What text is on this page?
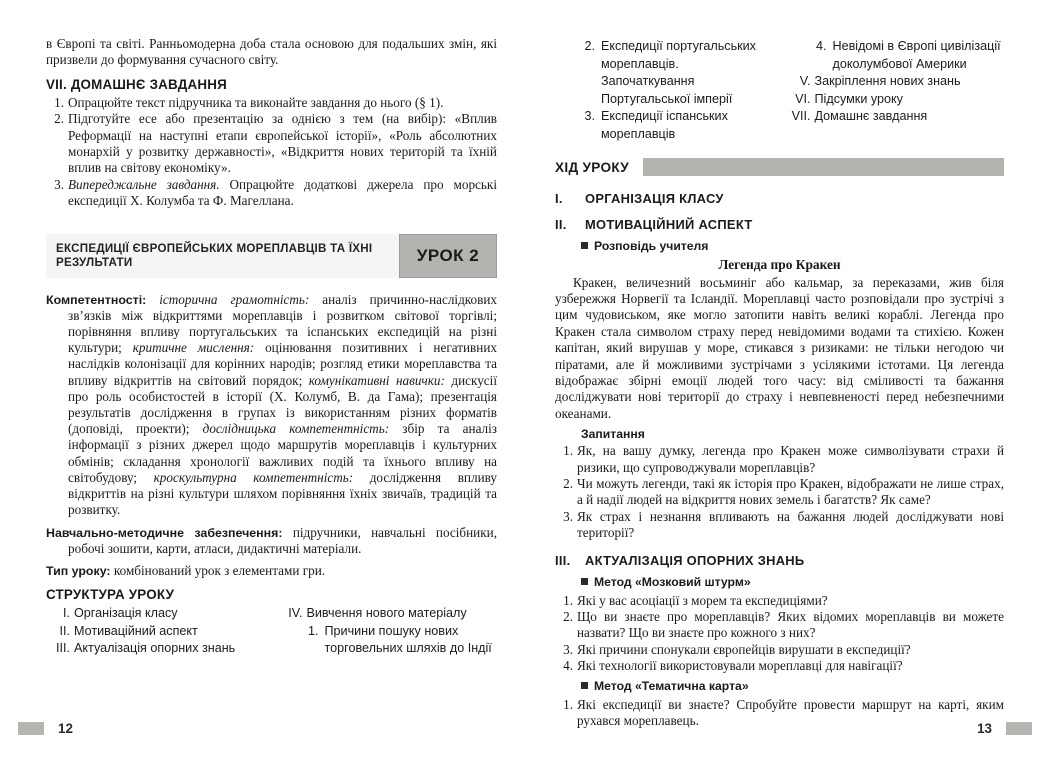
в Європі та світі. Ранньомодерна доба стала основою для подальших змін, які призвели до формування сучасного світу.

VII. ДОМАШНЄ ЗАВДАННЯ
1. Опрацюйте текст підручника та виконайте завдання до нього (§ 1).
2. Підготуйте есе або презентацію за однією з тем (на вибір): «Вплив Реформації на наступні етапи європейської історії», «Роль абсолютних монархій у розвитку державності», «Відкриття нових територій та їхній вплив на світову економіку».
3. Випереджальне завдання. Опрацюйте додаткові джерела про морські експедиції Х. Колумба та Ф. Магеллана.
ЕКСПЕДИЦІЇ ЄВРОПЕЙСЬКИХ МОРЕПЛАВЦІВ ТА ЇХНІ РЕЗУЛЬТАТИ	УРОК 2

Компетентності: історична грамотність: аналіз причинно-наслідкових зв’язків між відкриттями мореплавців і розвитком світової торгівлі; порівняння впливу португальських та іспанських експедицій на різні культури; критичне мислення: оцінювання позитивних і негативних наслідків колонізації для корінних народів; розгляд етики мореплавства та впливу відкриттів на світовий порядок; комунікативні навички: дискусії про роль особистостей в історії (Х. Колумб, В. да Гама); презентація результатів дослідження в групах із використанням різних форматів (доповіді, проекти); дослідницька компетентність: збір та аналіз інформації з різних джерел щодо маршрутів мореплавців і культурних обмінів; складання хронології важливих подій та їхнього впливу на світобудову; кроскультурна компетентність: дослідження впливу відкриттів на різні культури шляхом порівняння їхніх звичаїв, традицій та розвитку.

Навчально-методичне забезпечення: підручники, навчальні посібники, робочі зошити, карти, атласи, дидактичні матеріали.

Тип уроку: комбінований урок з елементами гри.

СТРУКТУРА УРОКУ
I. Організація класу
II. Мотиваційний аспект
III. Актуалізація опорних знань
IV. Вивчення нового матеріалу
1. Причини пошуку нових торговельних шляхів до Індії
12
2. Експедиції португальських мореплавців. Започаткування Португальської імперії
3. Експедиції іспанських мореплавців
4. Невідомі в Європі цивілізації доколумбової Америки
V. Закріплення нових знань
VI. Підсумки уроку
VII. Домашнє завдання
ХІД УРОКУ
I.	ОРГАНІЗАЦІЯ КЛАСУ
II.	МОТИВАЦІЙНИЙ АСПЕКТ
Розповідь учителя
Легенда про Кракен

Кракен, величезний восьминіг або кальмар, за переказами, жив біля узбережжя Норвегії та Ісландії. Мореплавці часто розповідали про зустрічі з цим чудовиськом, яке могло затопити навіть великі кораблі. Легенда про Кракен стала символом страху перед невідомими водами та стихією. Кожен капітан, який вирушав у море, стикався з ризиками: не тільки негодою чи піратами, але й можливими зустрічами з усілякими істотами. Ця легенда відображає збірні емоції людей того часу: від сміливості та бажання досліджувати нові території до страху і невпевненості перед небезпечними океанами.

Запитання
1. Як, на вашу думку, легенда про Кракен може символізувати страхи й ризики, що супроводжували мореплавців?
2. Чи можуть легенди, такі як історія про Кракен, відображати не лише страх, а й надії людей на відкриття нових земель і багатств? Як саме?
3. Як страх і незнання впливають на бажання людей досліджувати нові території?
III.	АКТУАЛІЗАЦІЯ ОПОРНИХ ЗНАНЬ
Метод «Мозковий штурм»
1. Які у вас асоціації з морем та експедиціями?
2. Що ви знаєте про мореплавців? Яких відомих мореплавців ви можете назвати? Що ви знаєте про кожного з них?
3. Які причини спонукали європейців вирушати в експедиції?
4. Які технології використовували мореплавці для навігації?
Метод «Тематична карта»
1. Які експедиції ви знаєте? Спробуйте провести маршрут на карті, яким рухався мореплавець.	13
